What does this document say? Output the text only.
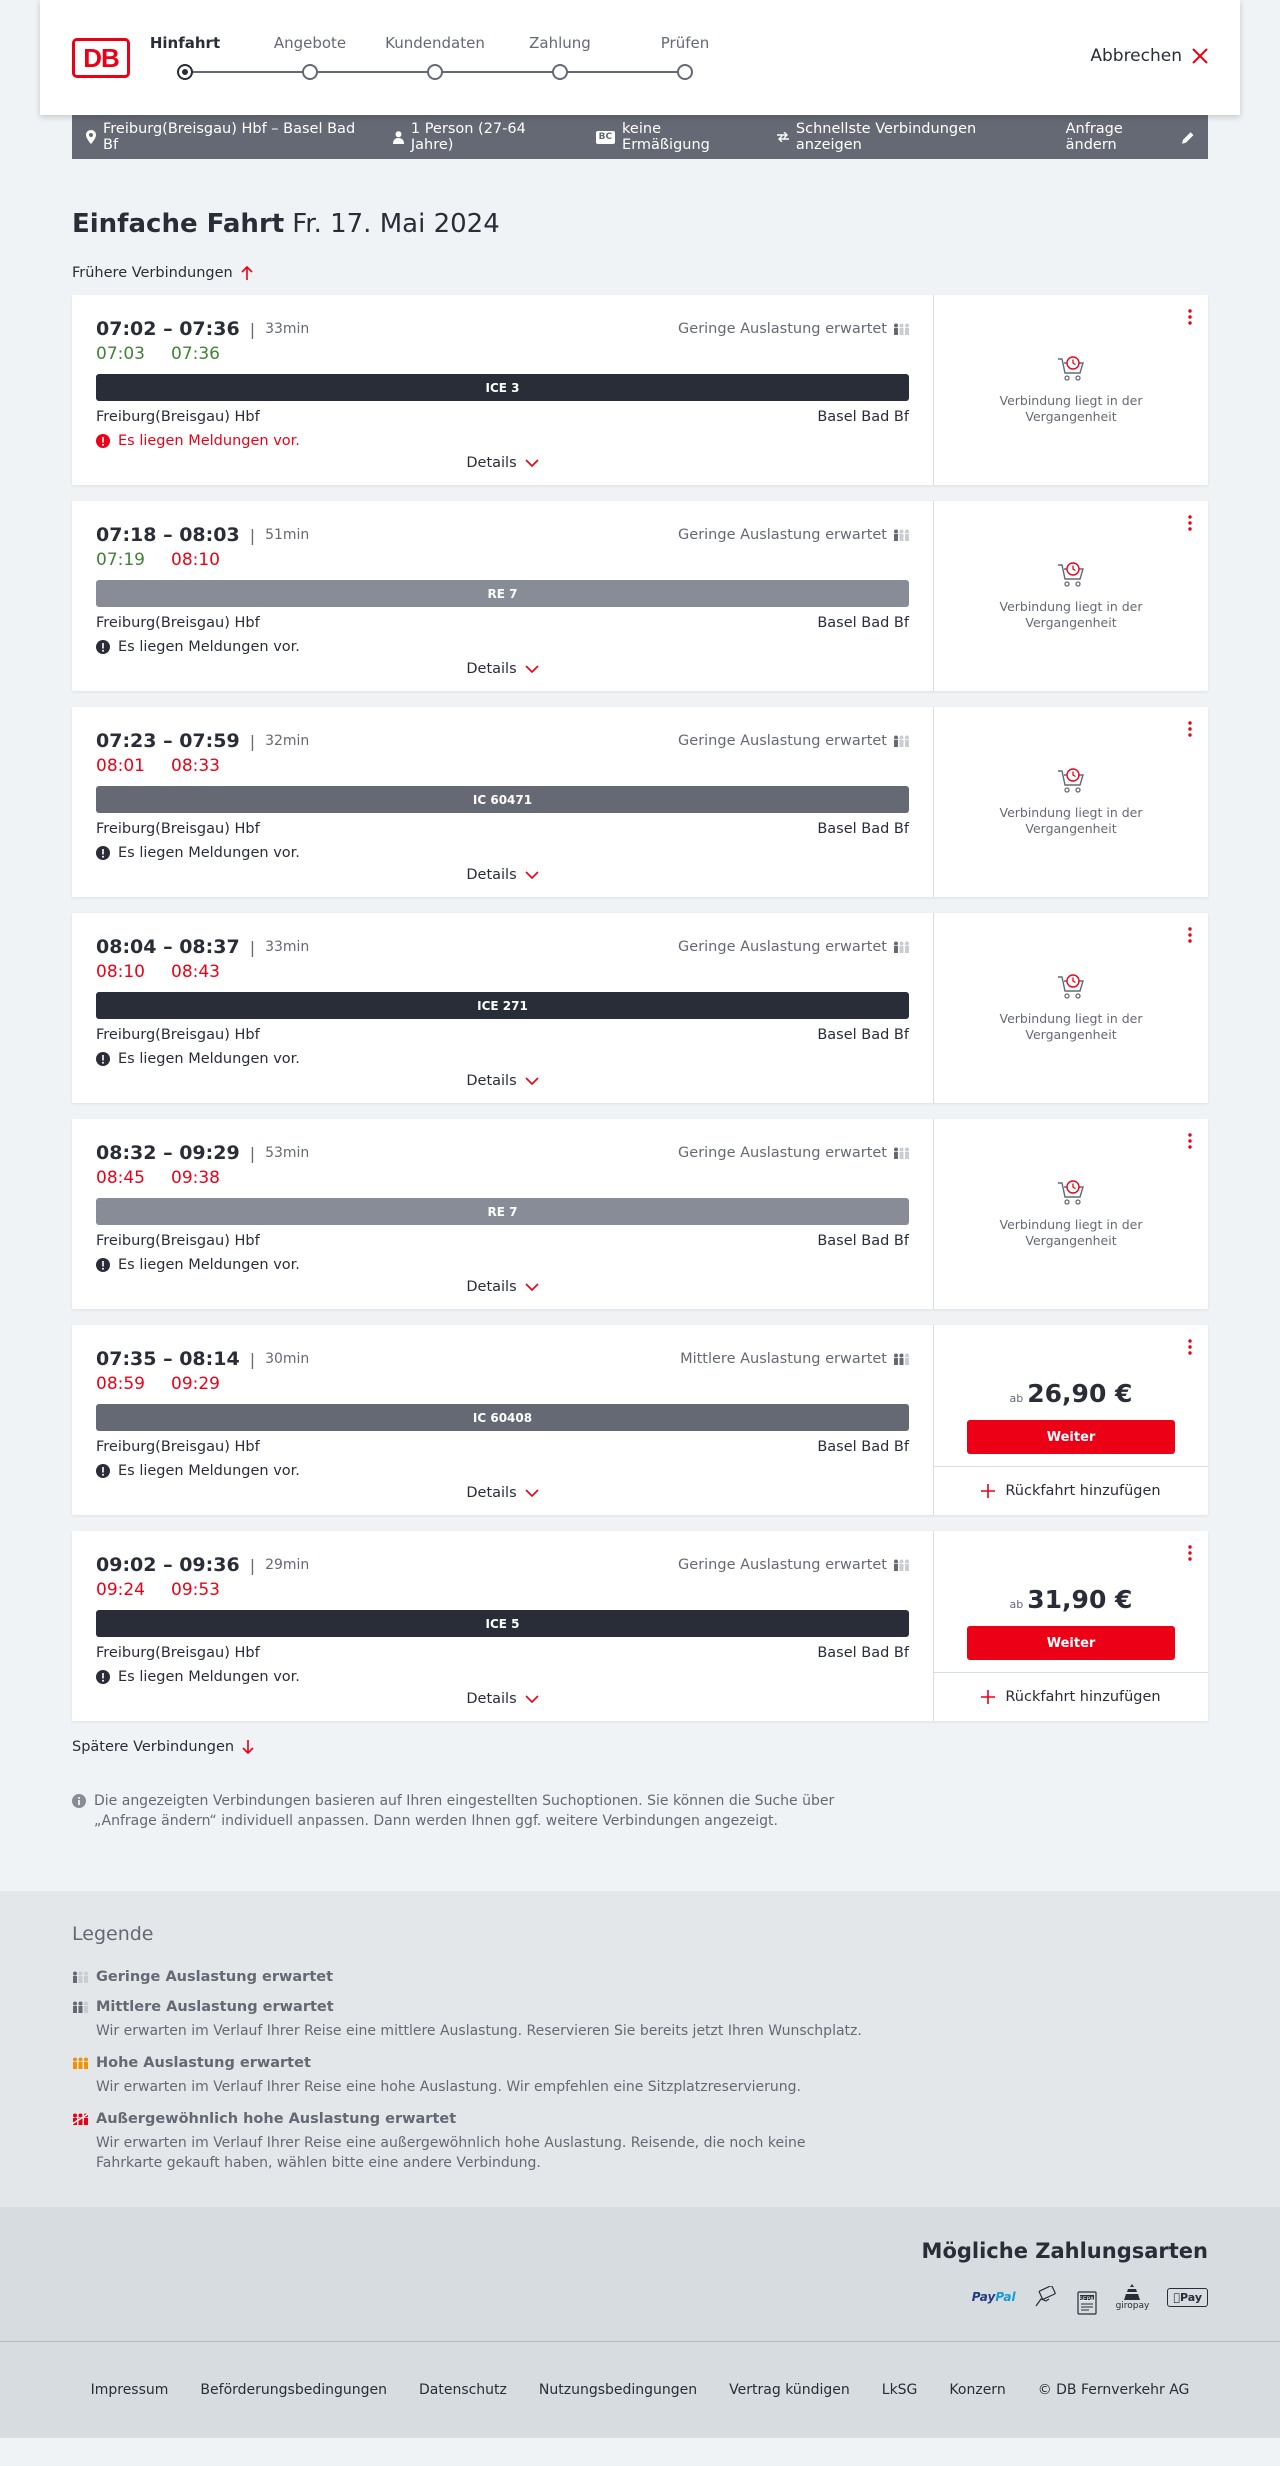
DB	Hinfahrt	Angebote	Kundendaten	Zahlung	Prüfen
Abbrechen
Freiburg(Breisgau) Hbf – Basel Bad Bf
1 Person (27-64 Jahre)
BC keine Ermäßigung
Schnellste Verbindungen anzeigen
Anfrage ändern
Einfache Fahrt Fr. 17. Mai 2024
Frühere Verbindungen
07:02 – 07:36 | 33min	Geringe Auslastung erwartet
07:03 07:36
ICE 3
Freiburg(Breisgau) Hbf	Basel Bad Bf
Es liegen Meldungen vor.
Details
Verbindung liegt in der Vergangenheit
07:18 – 08:03 | 51min	Geringe Auslastung erwartet
07:19 08:10
RE 7
Freiburg(Breisgau) Hbf	Basel Bad Bf
Es liegen Meldungen vor.
Details
Verbindung liegt in der Vergangenheit
07:23 – 07:59 | 32min	Geringe Auslastung erwartet
08:01 08:33
IC 60471
Freiburg(Breisgau) Hbf	Basel Bad Bf
Es liegen Meldungen vor.
Details
Verbindung liegt in der Vergangenheit
08:04 – 08:37 | 33min	Geringe Auslastung erwartet
08:10 08:43
ICE 271
Freiburg(Breisgau) Hbf	Basel Bad Bf
Es liegen Meldungen vor.
Details
Verbindung liegt in der Vergangenheit
08:32 – 09:29 | 53min	Geringe Auslastung erwartet
08:45 09:38
RE 7
Freiburg(Breisgau) Hbf	Basel Bad Bf
Es liegen Meldungen vor.
Details
Verbindung liegt in der Vergangenheit
07:35 – 08:14 | 30min	Mittlere Auslastung erwartet
08:59 09:29
IC 60408
Freiburg(Breisgau) Hbf	Basel Bad Bf
Es liegen Meldungen vor.
Details
ab 26,90 €
Weiter
Rückfahrt hinzufügen
09:02 – 09:36 | 29min	Geringe Auslastung erwartet
09:24 09:53
ICE 5
Freiburg(Breisgau) Hbf	Basel Bad Bf
Es liegen Meldungen vor.
Details
ab 31,90 €
Weiter
Rückfahrt hinzufügen
Spätere Verbindungen
Die angezeigten Verbindungen basieren auf Ihren eingestellten Suchoptionen. Sie können die Suche über „Anfrage ändern“ individuell anpassen. Dann werden Ihnen ggf. weitere Verbindungen angezeigt.
Legende
Geringe Auslastung erwartet
Mittlere Auslastung erwartet
Wir erwarten im Verlauf Ihrer Reise eine mittlere Auslastung. Reservieren Sie bereits jetzt Ihren Wunschplatz.
Hohe Auslastung erwartet
Wir erwarten im Verlauf Ihrer Reise eine hohe Auslastung. Wir empfehlen eine Sitzplatzreservierung.
Außergewöhnlich hohe Auslastung erwartet
Wir erwarten im Verlauf Ihrer Reise eine außergewöhnlich hohe Auslastung. Reisende, die noch keine Fahrkarte gekauft haben, wählen bitte eine andere Verbindung.
Mögliche Zahlungsarten
PayPal	SEPA
giropay
Pay
Impressum Beförderungsbedingungen Datenschutz Nutzungsbedingungen Vertrag kündigen LkSG Konzern © DB Fernverkehr AG
